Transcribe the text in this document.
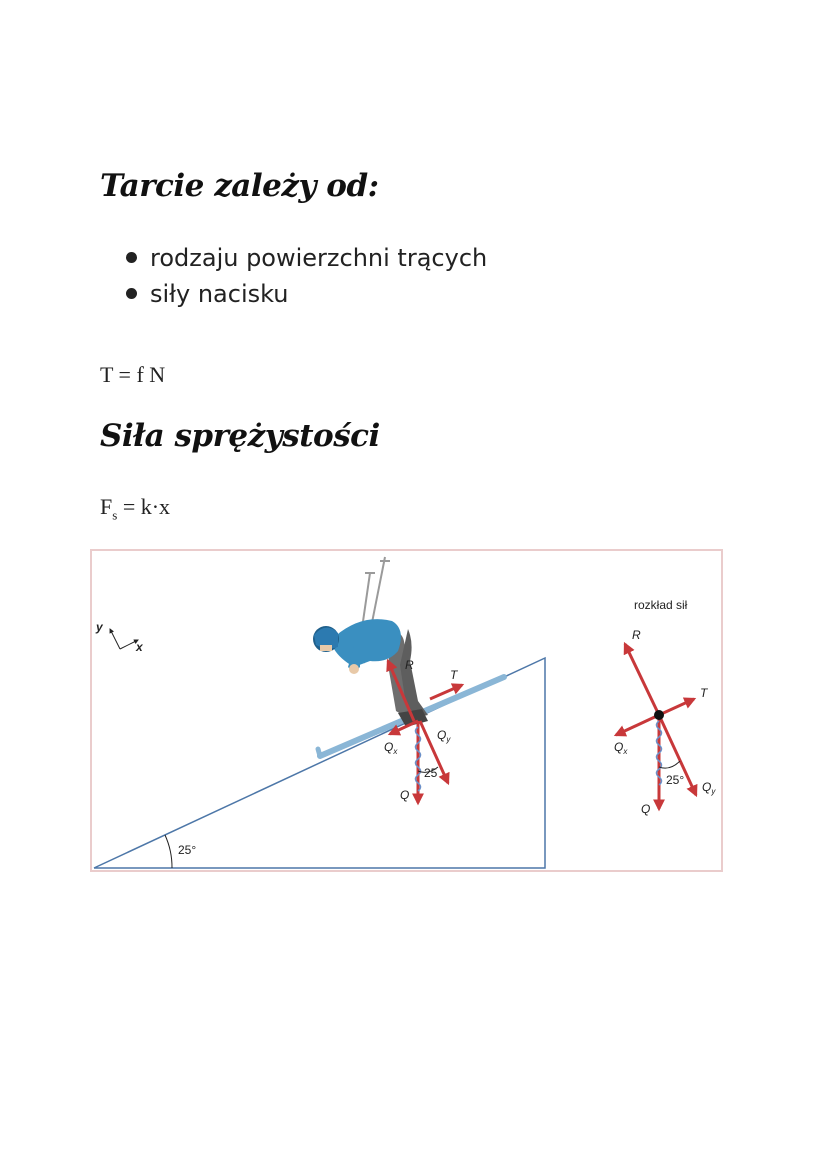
Tarcie zależy od:
rodzaju powierzchni trących
siły nacisku
T = f N
Siła sprężystości
$F_s = k\cdot x$
y
x
25°
R
T
$Q_x$
$Q_y$
Q
25
rozkład sił
R
T
$Q_x$
Q
$Q_y$
25°
